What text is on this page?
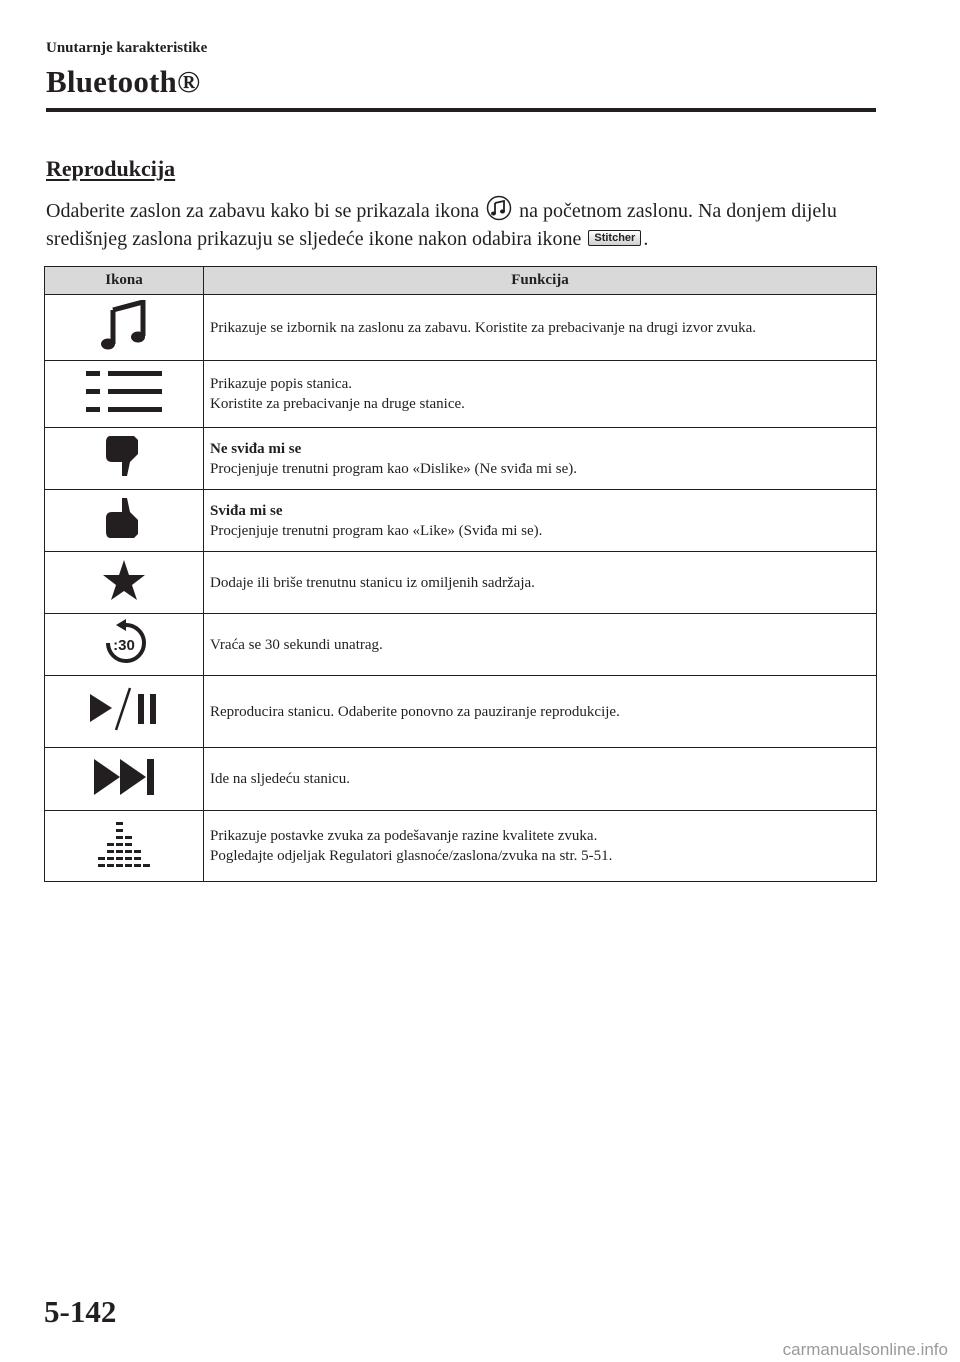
Unutarnje karakteristike
Bluetooth®
Reprodukcija
Odaberite zaslon za zabavu kako bi se prikazala ikona na početnom zaslonu. Na donjem dijelu središnjeg zaslona prikazuju se sljedeće ikone nakon odabira ikone Stitcher .
Ikona	Funkcija

Prikazuje se izbornik na zaslonu za zabavu. Koristite za prebacivanje na drugi izvor zvuka.

Prikazuje popis stanica.
Koristite za prebacivanje na druge stanice.

Ne sviđa mi se
Procjenjuje trenutni program kao «Dislike» (Ne sviđa mi se).

Sviđa mi se
Procjenjuje trenutni program kao «Like» (Sviđa mi se).

Dodaje ili briše trenutnu stanicu iz omiljenih sadržaja.

:30	Vraća se 30 sekundi unatrag.

Reproducira stanicu. Odaberite ponovno za pauziranje reprodukcije.

Ide na sljedeću stanicu.

Prikazuje postavke zvuka za podešavanje razine kvalitete zvuka.
Pogledajte odjeljak Regulatori glasnoće/zaslona/zvuka na str. 5-51.
5-142
carmanualsonline.info
